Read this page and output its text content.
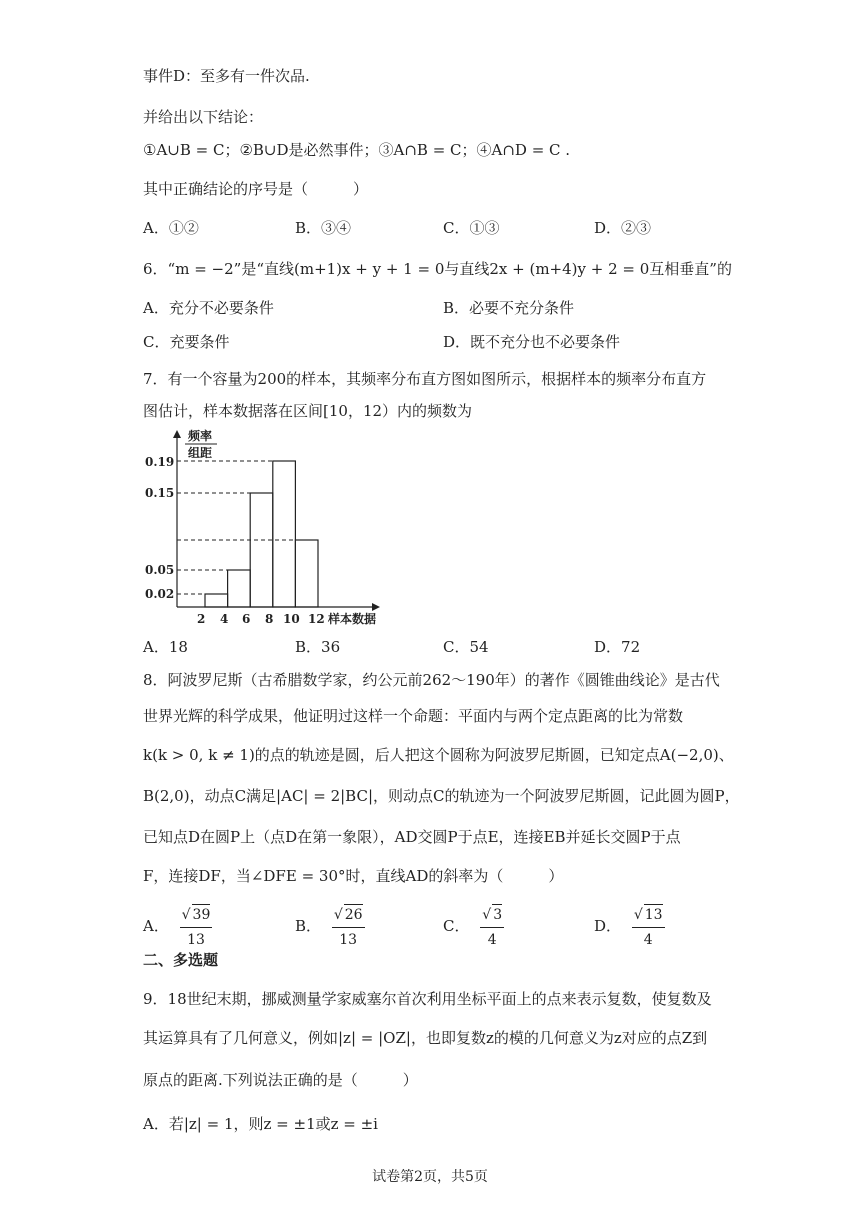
事件D：至多有一件次品.
并给出以下结论：
①A∪B = C；②B∪D是必然事件；③A∩B = C；④A∩D = C .
其中正确结论的序号是（　　　）
A．①②	B．③④	C．①③	D．②③
6．“m = −2”是“直线(m+1)x + y + 1 = 0与直线2x + (m+4)y + 2 = 0互相垂直”的
A．充分不必要条件	B．必要不充分条件
C．充要条件	D．既不充分也不必要条件
7．有一个容量为200的样本，其频率分布直方图如图所示，根据样本的频率分布直方
图估计，样本数据落在区间[10，12）内的频数为
频率
组距
0.19
0.15
0.05
0.02
2 4 6 8 10 12 样本数据
A．18	B．36	C．54	D．72
8．阿波罗尼斯（古希腊数学家，约公元前262～190年）的著作《圆锥曲线论》是古代
世界光辉的科学成果，他证明过这样一个命题：平面内与两个定点距离的比为常数
k(k > 0, k ≠ 1)的点的轨迹是圆，后人把这个圆称为阿波罗尼斯圆，已知定点A(−2,0)、
B(2,0)，动点C满足|AC| = 2|BC|，则动点C的轨迹为一个阿波罗尼斯圆，记此圆为圆P，
已知点D在圆P上（点D在第一象限），AD交圆P于点E，连接EB并延长交圆P于点
F，连接DF，当∠DFE = 30°时，直线AD的斜率为（　　　）
A． $\frac{√ 39}{13}$	B． $\frac{√ 26}{13}$	C． $\frac{√ 3}{4}$	D． $\frac{√ 13}{4}$
二、多选题
9．18世纪末期，挪威测量学家威塞尔首次利用坐标平面上的点来表示复数，使复数及
其运算具有了几何意义，例如|z| = |OZ|，也即复数z的模的几何意义为z对应的点Z到
原点的距离.下列说法正确的是（　　　）
A．若|z| = 1，则z = ±1或z = ±i
试卷第2页，共5页
